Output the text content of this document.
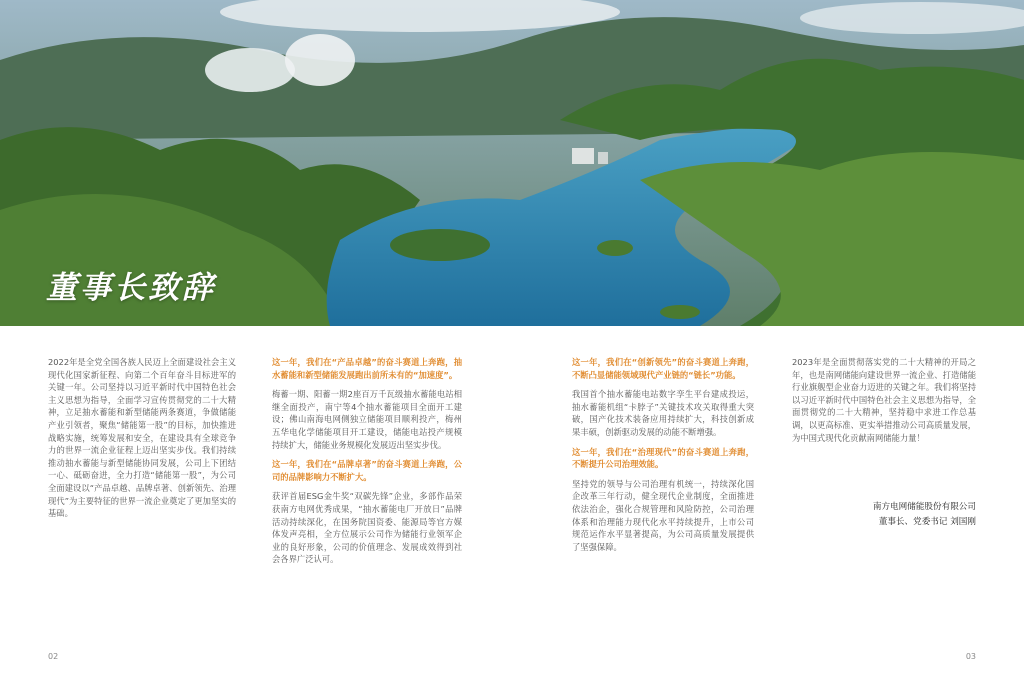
董事长致辞

2022年是全党全国各族人民迈上全面建设社会主义现代化国家新征程、向第二个百年奋斗目标进军的关键一年。公司坚持以习近平新时代中国特色社会主义思想为指导，全面学习宣传贯彻党的二十大精神，立足抽水蓄能和新型储能两条赛道，争做储能产业引领者，聚焦“储能第一股”的目标，加快推进战略实施，统筹发展和安全，在建设具有全球竞争力的世界一流企业征程上迈出坚实步伐。我们持续推动抽水蓄能与新型储能协同发展，公司上下团结一心、砥砺奋进，全力打造“储能第一股”，为公司全面建设以“产品卓越、品牌卓著、创新领先、治理现代”为主要特征的世界一流企业奠定了更加坚实的基础。

这一年，我们在“产品卓越”的奋斗赛道上奔跑，抽水蓄能和新型储能发展跑出前所未有的“加速度”。

梅蓄一期、阳蓄一期2座百万千瓦级抽水蓄能电站相继全面投产，南宁等4个抽水蓄能项目全面开工建设；佛山南海电网侧独立储能项目顺利投产，梅州五华电化学储能项目开工建设，储能电站投产规模持续扩大，储能业务规模化发展迈出坚实步伐。

这一年，我们在“品牌卓著”的奋斗赛道上奔跑，公司的品牌影响力不断扩大。

获评首届ESG金牛奖“双碳先锋”企业，多部作品荣获南方电网优秀成果，“抽水蓄能电厂开放日”品牌活动持续深化，在国务院国资委、能源局等官方媒体发声亮相，全方位展示公司作为储能行业领军企业的良好形象，公司的价值理念、发展成效得到社会各界广泛认可。

这一年，我们在“创新领先”的奋斗赛道上奔跑，不断凸显储能领域现代产业链的“链长”功能。

我国首个抽水蓄能电站数字孪生平台建成投运，抽水蓄能机组“卡脖子”关键技术攻关取得重大突破，国产化技术装备应用持续扩大，科技创新成果丰硕，创新驱动发展的动能不断增强。

这一年，我们在“治理现代”的奋斗赛道上奔跑，不断提升公司治理效能。

坚持党的领导与公司治理有机统一，持续深化国企改革三年行动，健全现代企业制度，全面推进依法治企，强化合规管理和风险防控，公司治理体系和治理能力现代化水平持续提升，上市公司规范运作水平显著提高，为公司高质量发展提供了坚强保障。

2023年是全面贯彻落实党的二十大精神的开局之年，也是南网储能向建设世界一流企业、打造储能行业旗舰型企业奋力迈进的关键之年。我们将坚持以习近平新时代中国特色社会主义思想为指导，全面贯彻党的二十大精神，坚持稳中求进工作总基调，以更高标准、更实举措推动公司高质量发展，为中国式现代化贡献南网储能力量！

南方电网储能股份有限公司
董事长、党委书记 刘国刚
02	03
